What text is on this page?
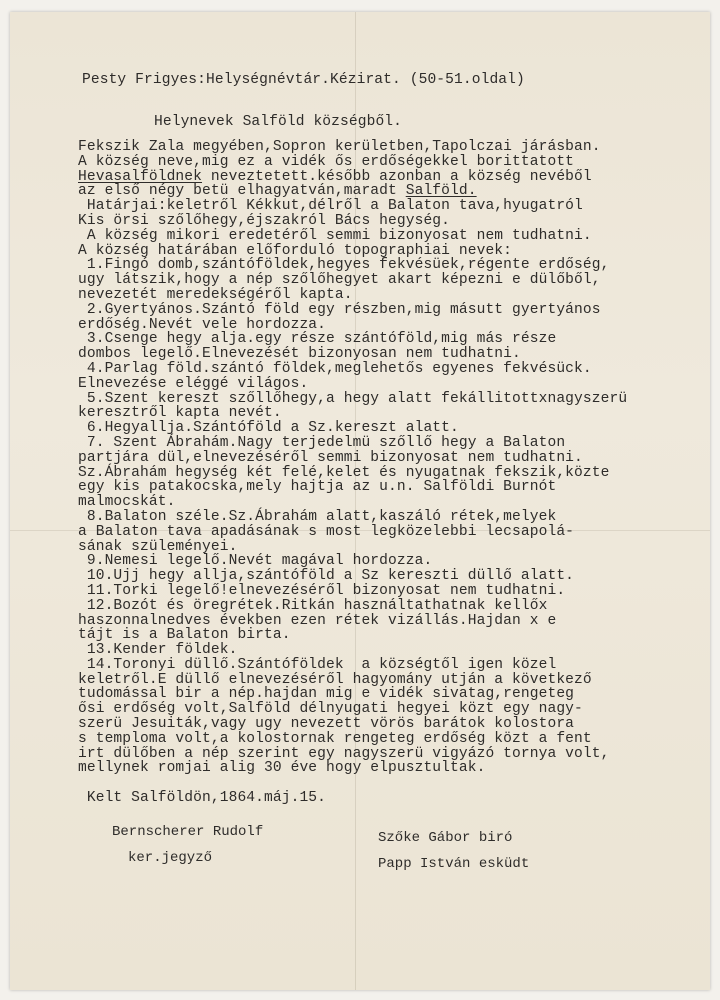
Pesty Frigyes:Helységnévtár.Kézirat. (50-51.oldal)
Helynevek Salföld községből.
Fekszik Zala megyében,Sopron kerületben,Tapolczai járásban.
A község neve,mig ez a vidék ős erdőségekkel borittatott
Hevasalföldnek neveztetett.később azonban a község nevéből
az első négy betü elhagyatván,maradt Salföld.
Határjai:keletről Kékkut,délről a Balaton tava,hyugatról
Kis örsi szőlőhegy,éjszakról Bács hegység.
A község mikori eredetéről semmi bizonyosat nem tudhatni.
A község határában előforduló topographiai nevek:
1.Fingó domb,szántóföldek,hegyes fekvésüek,régente erdőség,
ugy látszik,hogy a nép szőlőhegyet akart képezni e dülőből,
nevezetét meredekségéről kapta.
2.Gyertyános.Szántó föld egy részben,mig másutt gyertyános
erdőség.Nevét vele hordozza.
3.Csenge hegy alja.egy része szántóföld,mig más része
dombos legelő.Elnevezését bizonyosan nem tudhatni.
4.Parlag föld.szántó földek,meglehetős egyenes fekvésück.
Elnevezése eléggé világos.
5.Szent kereszt szőllőhegy,a hegy alatt fekállitottxnagyszerü
keresztről kapta nevét.
6.Hegyallja.Szántóföld a Sz.kereszt alatt.
7. Szent Ábrahám.Nagy terjedelmü szőllő hegy a Balaton
partjára dül,elnevezéséről semmi bizonyosat nem tudhatni.
Sz.Ábrahám hegység két felé,kelet és nyugatnak fekszik,közte
egy kis patakocska,mely hajtja az u.n. Salföldi Burnót
malmocskát.
8.Balaton széle.Sz.Ábrahám alatt,kaszáló rétek,melyek
a Balaton tava apadásának s most legközelebbi lecsapolá-
sának szüleményei.
9.Nemesi legelő.Nevét magával hordozza.
10.Ujj hegy allja,szántóföld a Sz kereszti düllő alatt.
11.Torki legelő!elnevezéséről bizonyosat nem tudhatni.
12.Bozót és öregrétek.Ritkán használtathatnak kellőx
haszonnalnedves években ezen rétek vizállás.Hajdan x e
tájt is a Balaton birta.
13.Kender földek.
14.Toronyi düllő.Szántóföldek  a községtől igen közel
keletről.E düllő elnevezéséről hagyomány utján a következő
tudomással bir a nép.hajdan mig e vidék sivatag,rengeteg
ősi erdőség volt,Salföld délnyugati hegyei közt egy nagy-
szerü Jesuiták,vagy ugy nevezett vörös barátok kolostora
s temploma volt,a kolostornak rengeteg erdőség közt a fent
irt dülőben a nép szerint egy nagyszerü vigyázó tornya volt,
mellynek romjai alig 30 éve hogy elpusztultak.

Kelt Salföldön,1864.máj.15.
Bernscherer Rudolf
ker.jegyző
Szőke Gábor biró
Papp István esküdt
